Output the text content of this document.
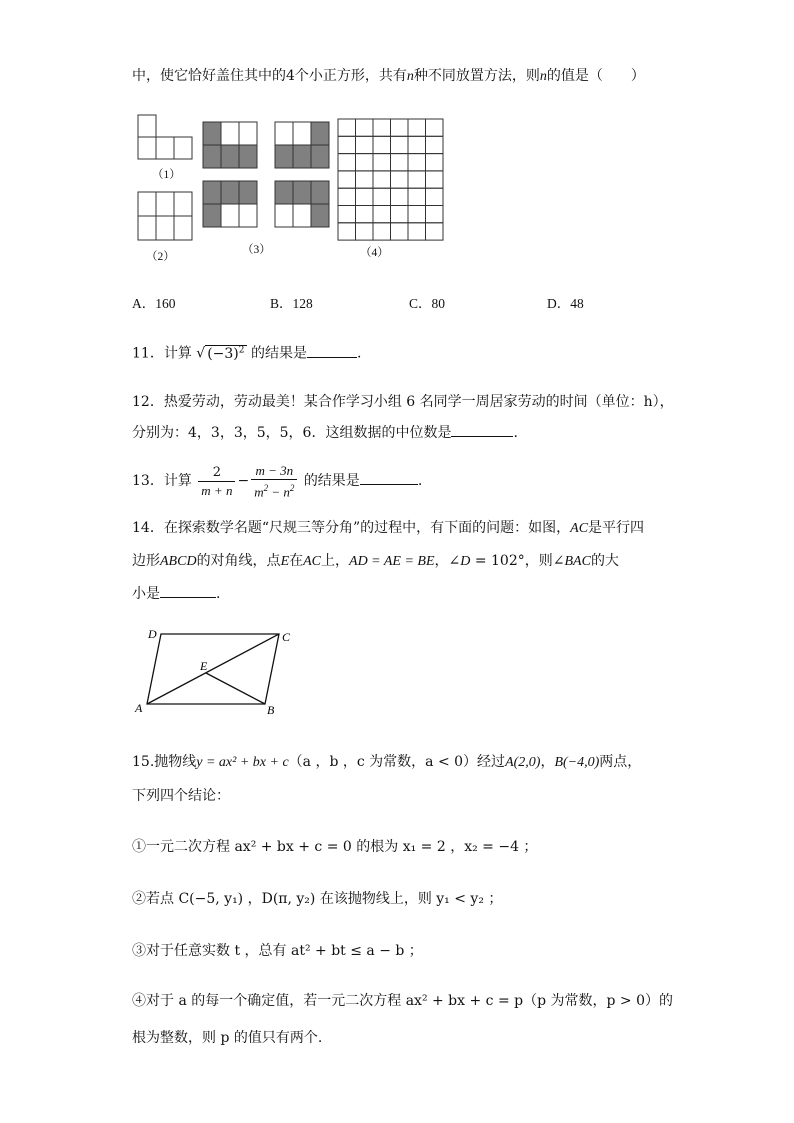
中，使它恰好盖住其中的4个小正方形，共有n种不同放置方法，则n的值是（　　）
（1）
（2）
（3）	（4）
A．160	B．128	C．80	D．48
11．计算 √ $(-3)^2$ 的结果是	.
12．热爱劳动，劳动最美！某合作学习小组 6 名同学一周居家劳动的时间（单位：h），
分别为：4，3，3，5，5，6．这组数据的中位数是	.
13．计算 $\frac{2}{m + n} - \frac{m - 3n}{m^2 - n^2}$ 的结果是	.
14．在探索数学名题“尺规三等分角”的过程中，有下面的问题：如图，AC是平行四
边形ABCD的对角线，点E在AC上，AD = AE = BE，∠D = 102°，则∠BAC的大
小是	.
D	C
E
A	B
15.抛物线y = ax² + bx + c（a ，b ，c 为常数，a < 0）经过A(2,0)，B(−4,0)两点，
下列四个结论：
①一元二次方程 ax² + bx + c = 0 的根为 x₁ = 2 ，x₂ = −4 ；
②若点 C(−5, y₁) ，D(π, y₂) 在该抛物线上，则 y₁ < y₂ ；
③对于任意实数 t ，总有 at² + bt ≤ a − b ；
④对于 a 的每一个确定值，若一元二次方程 ax² + bx + c = p（p 为常数，p > 0）的
根为整数，则 p 的值只有两个.
